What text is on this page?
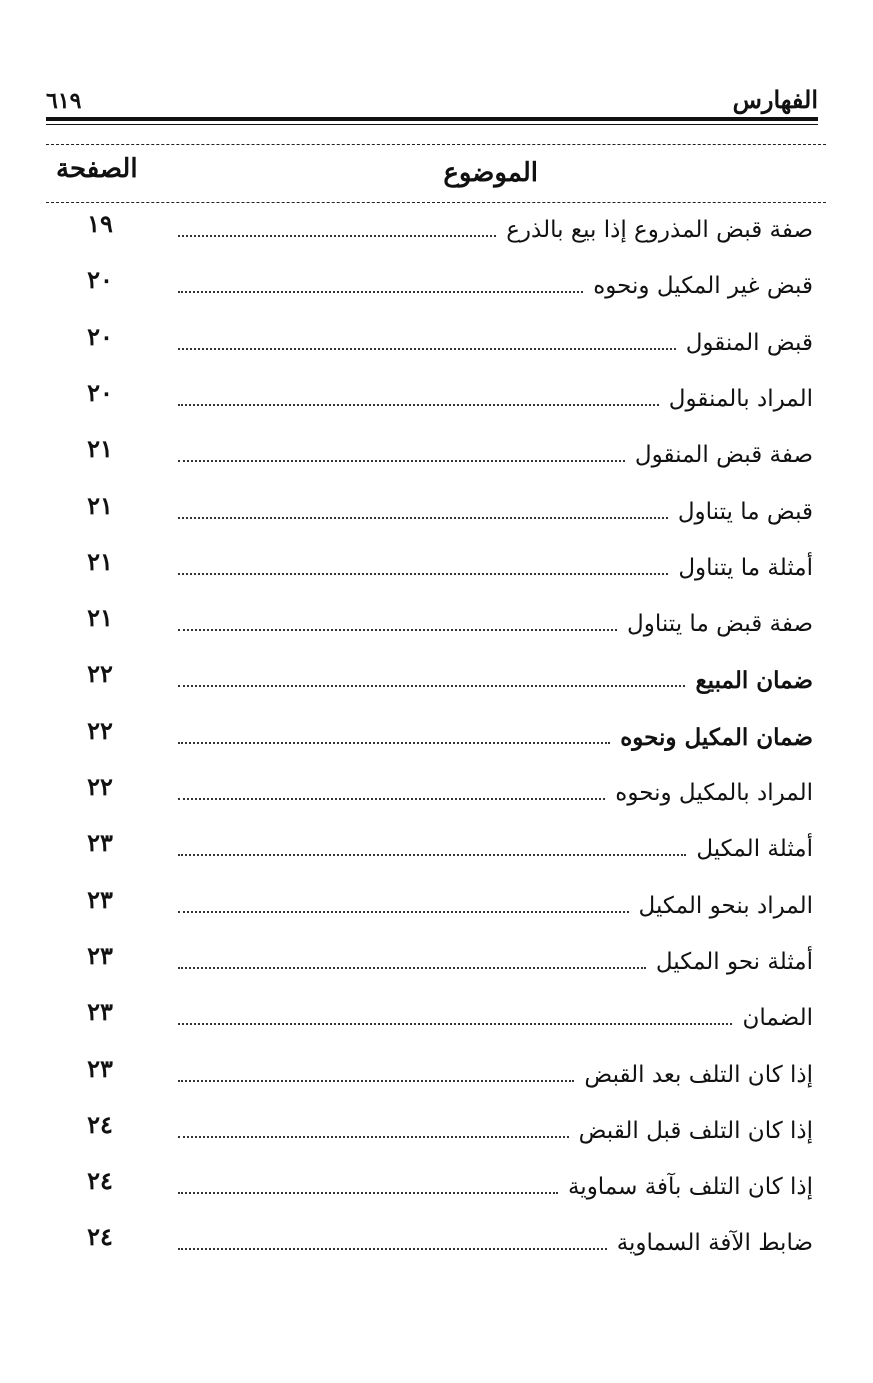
٦١٩	الفهارس
الصفحة	الموضوع
١٩	صفة قبض المذروع إذا بيع بالذرع
٢٠	قبض غير المكيل ونحوه
٢٠	قبض المنقول
٢٠	المراد بالمنقول
٢١	صفة قبض المنقول
٢١	قبض ما يتناول
٢١	أمثلة ما يتناول
٢١	صفة قبض ما يتناول
٢٢	ضمان المبيع
٢٢	ضمان المكيل ونحوه
٢٢	المراد بالمكيل ونحوه
٢٣	أمثلة المكيل
٢٣	المراد بنحو المكيل
٢٣	أمثلة نحو المكيل
٢٣	الضمان
٢٣	إذا كان التلف بعد القبض
٢٤	إذا كان التلف قبل القبض
٢٤	إذا كان التلف بآفة سماوية
٢٤	ضابط الآفة السماوية
